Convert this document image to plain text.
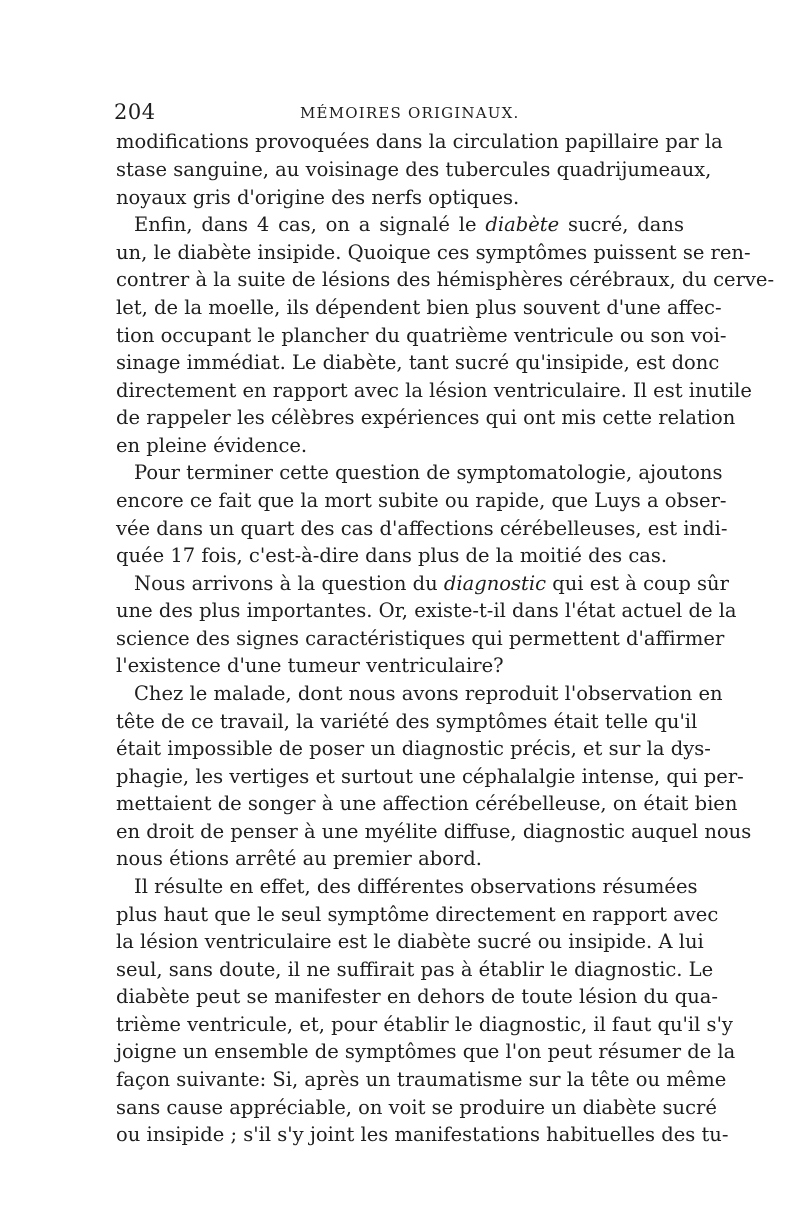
204	MÉMOIRES ORIGINAUX.
modifications provoquées dans la circulation papillaire par la
stase sanguine, au voisinage des tubercules quadrijumeaux,
noyaux gris d'origine des nerfs optiques.
Enfin, dans 4 cas, on a signalé le diabète sucré, dans
un, le diabète insipide. Quoique ces symptômes puissent se ren-
contrer à la suite de lésions des hémisphères cérébraux, du cerve-
let, de la moelle, ils dépendent bien plus souvent d'une affec-
tion occupant le plancher du quatrième ventricule ou son voi-
sinage immédiat. Le diabète, tant sucré qu'insipide, est donc
directement en rapport avec la lésion ventriculaire. Il est inutile
de rappeler les célèbres expériences qui ont mis cette relation
en pleine évidence.
Pour terminer cette question de symptomatologie, ajoutons
encore ce fait que la mort subite ou rapide, que Luys a obser-
vée dans un quart des cas d'affections cérébelleuses, est indi-
quée 17 fois, c'est-à-dire dans plus de la moitié des cas.
Nous arrivons à la question du diagnostic qui est à coup sûr
une des plus importantes. Or, existe-t-il dans l'état actuel de la
science des signes caractéristiques qui permettent d'affirmer
l'existence d'une tumeur ventriculaire?
Chez le malade, dont nous avons reproduit l'observation en
tête de ce travail, la variété des symptômes était telle qu'il
était impossible de poser un diagnostic précis, et sur la dys-
phagie, les vertiges et surtout une céphalalgie intense, qui per-
mettaient de songer à une affection cérébelleuse, on était bien
en droit de penser à une myélite diffuse, diagnostic auquel nous
nous étions arrêté au premier abord.
Il résulte en effet, des différentes observations résumées
plus haut que le seul symptôme directement en rapport avec
la lésion ventriculaire est le diabète sucré ou insipide. A lui
seul, sans doute, il ne suffirait pas à établir le diagnostic. Le
diabète peut se manifester en dehors de toute lésion du qua-
trième ventricule, et, pour établir le diagnostic, il faut qu'il s'y
joigne un ensemble de symptômes que l'on peut résumer de la
façon suivante: Si, après un traumatisme sur la tête ou même
sans cause appréciable, on voit se produire un diabète sucré
ou insipide ; s'il s'y joint les manifestations habituelles des tu-
